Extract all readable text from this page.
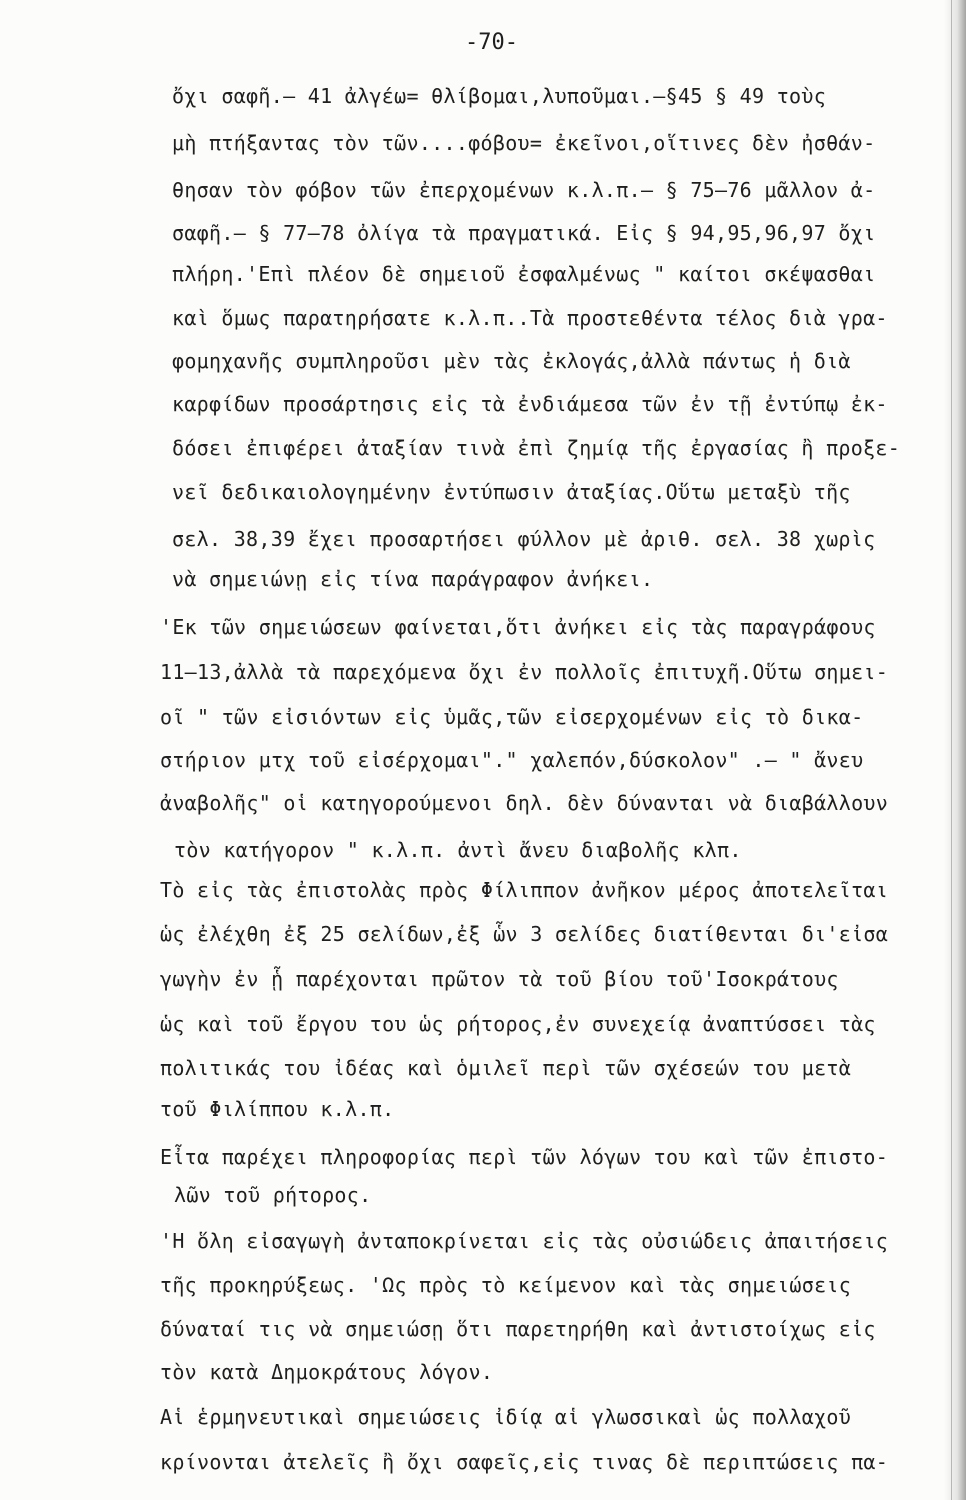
-70-
ὄχι σαφῆ.– 41 ἀλγέω= θλίβομαι,λυποῦμαι.–§45 § 49 τοὺς
μὴ πτήξαντας τὸν τῶν....φόβου= ἐκεῖνοι,οἵτινες δὲν ἠσθάν-
θησαν τὸν φόβον τῶν ἐπερχομένων κ.λ.π.– § 75–76 μᾶλλον ἀ-
σαφῆ.– § 77–78 ὀλίγα τὰ πραγματικά. Εἰς § 94,95,96,97 ὄχι
πλήρη.'Επὶ πλέον δὲ σημειοῦ ἐσφαλμένως " καίτοι σκέψασθαι
καὶ ὅμως παρατηρήσατε κ.λ.π..Τὰ προστεθέντα τέλος διὰ γρα-
φομηχανῆς συμπληροῦσι μὲν τὰς ἐκλογάς,ἀλλὰ πάντως ἡ διὰ
καρφίδων προσάρτησις εἰς τὰ ἐνδιάμεσα τῶν ἐν τῇ ἐντύπῳ ἐκ-
δόσει ἐπιφέρει ἀταξίαν τινὰ ἐπὶ ζημίᾳ τῆς ἐργασίας ἢ προξε-
νεῖ δεδικαιολογημένην ἐντύπωσιν ἀταξίας.Οὕτω μεταξὺ τῆς
σελ. 38,39 ἔχει προσαρτήσει φύλλον μὲ ἀριθ. σελ. 38 χωρὶς
νὰ σημειώνῃ εἰς τίνα παράγραφον ἀνήκει.
'Εκ τῶν σημειώσεων φαίνεται,ὅτι ἀνήκει εἰς τὰς παραγράφους
11–13,ἀλλὰ τὰ παρεχόμενα ὄχι ἐν πολλοῖς ἐπιτυχῆ.Οὕτω σημει-
οῖ " τῶν εἰσιόντων εἰς ὑμᾶς,τῶν εἰσερχομένων εἰς τὸ δικα-
στήριον μτχ τοῦ εἰσέρχομαι"." χαλεπόν,δύσκολον" .– " ἄνευ
ἀναβολῆς" οἱ κατηγορούμενοι δηλ. δὲν δύνανται νὰ διαβάλλουν
τὸν κατήγορον " κ.λ.π. ἀντὶ ἄνευ διαβολῆς κλπ.
Τὸ εἰς τὰς ἐπιστολὰς πρὸς Φίλιππον ἀνῆκον μέρος ἀποτελεῖται
ὡς ἐλέχθη ἐξ 25 σελίδων,ἐξ ὧν 3 σελίδες διατίθενται δι'εἰσα
γωγὴν ἐν ᾗ παρέχονται πρῶτον τὰ τοῦ βίου τοῦ'Ισοκράτους
ὡς καὶ τοῦ ἔργου του ὡς ρήτορος,ἐν συνεχείᾳ ἀναπτύσσει τὰς
πολιτικάς του ἰδέας καὶ ὁμιλεῖ περὶ τῶν σχέσεών του μετὰ
τοῦ Φιλίππου κ.λ.π.
Εἶτα παρέχει πληροφορίας περὶ τῶν λόγων του καὶ τῶν ἐπιστο-
λῶν τοῦ ρήτορος.
'Η ὅλη εἰσαγωγὴ ἀνταποκρίνεται εἰς τὰς οὐσιώδεις ἀπαιτήσεις
τῆς προκηρύξεως. 'Ως πρὸς τὸ κείμενον καὶ τὰς σημειώσεις
δύναταί τις νὰ σημειώσῃ ὅτι παρετηρήθη καὶ ἀντιστοίχως εἰς
τὸν κατὰ Δημοκράτους λόγον.
Αἱ ἑρμηνευτικαὶ σημειώσεις ἰδίᾳ αἱ γλωσσικαὶ ὡς πολλαχοῦ
κρίνονται ἀτελεῖς ἢ ὄχι σαφεῖς,εἰς τινας δὲ περιπτώσεις πα-
